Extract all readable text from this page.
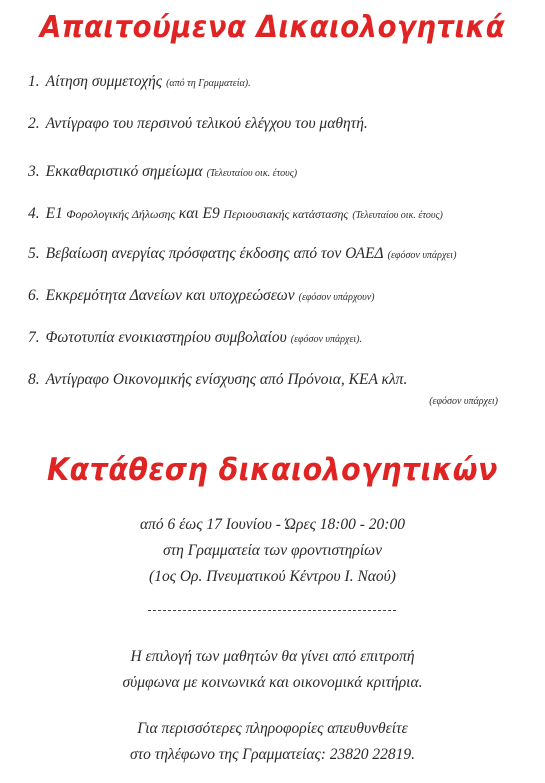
Απαιτούμενα Δικαιολογητικά
1. Αίτηση συμμετοχής (από τη Γραμματεία).
2. Αντίγραφο του περσινού τελικού ελέγχου του μαθητή.
3. Εκκαθαριστικό σημείωμα (Τελευταίου οικ. έτους)
4. Ε1 Φορολογικής Δήλωσης και Ε9 Περιουσιακής κατάστασης (Τελευταίου οικ. έτους)
5. Βεβαίωση ανεργίας πρόσφατης έκδοσης από τον ΟΑΕΔ (εφόσον υπάρχει)
6. Εκκρεμότητα Δανείων και υποχρεώσεων (εφόσον υπάρχουν)
7. Φωτοτυπία ενοικιαστηρίου συμβολαίου (εφόσον υπάρχει).
8. Αντίγραφο Οικονομικής ενίσχυσης από Πρόνοια, ΚΕΑ κλπ.
(εφόσον υπάρχει)
Κατάθεση δικαιολογητικών
από 6 έως 17 Ιουνίου - Ώρες 18:00 - 20:00
στη Γραμματεία των φροντιστηρίων
(1ος Ορ. Πνευματικού Κέντρου Ι. Ναού)
Η επιλογή των μαθητών θα γίνει από επιτροπή
σύμφωνα με κοινωνικά και οικονομικά κριτήρια.
Για περισσότερες πληροφορίες απευθυνθείτε
στο τηλέφωνο της Γραμματείας: 23820 22819.
